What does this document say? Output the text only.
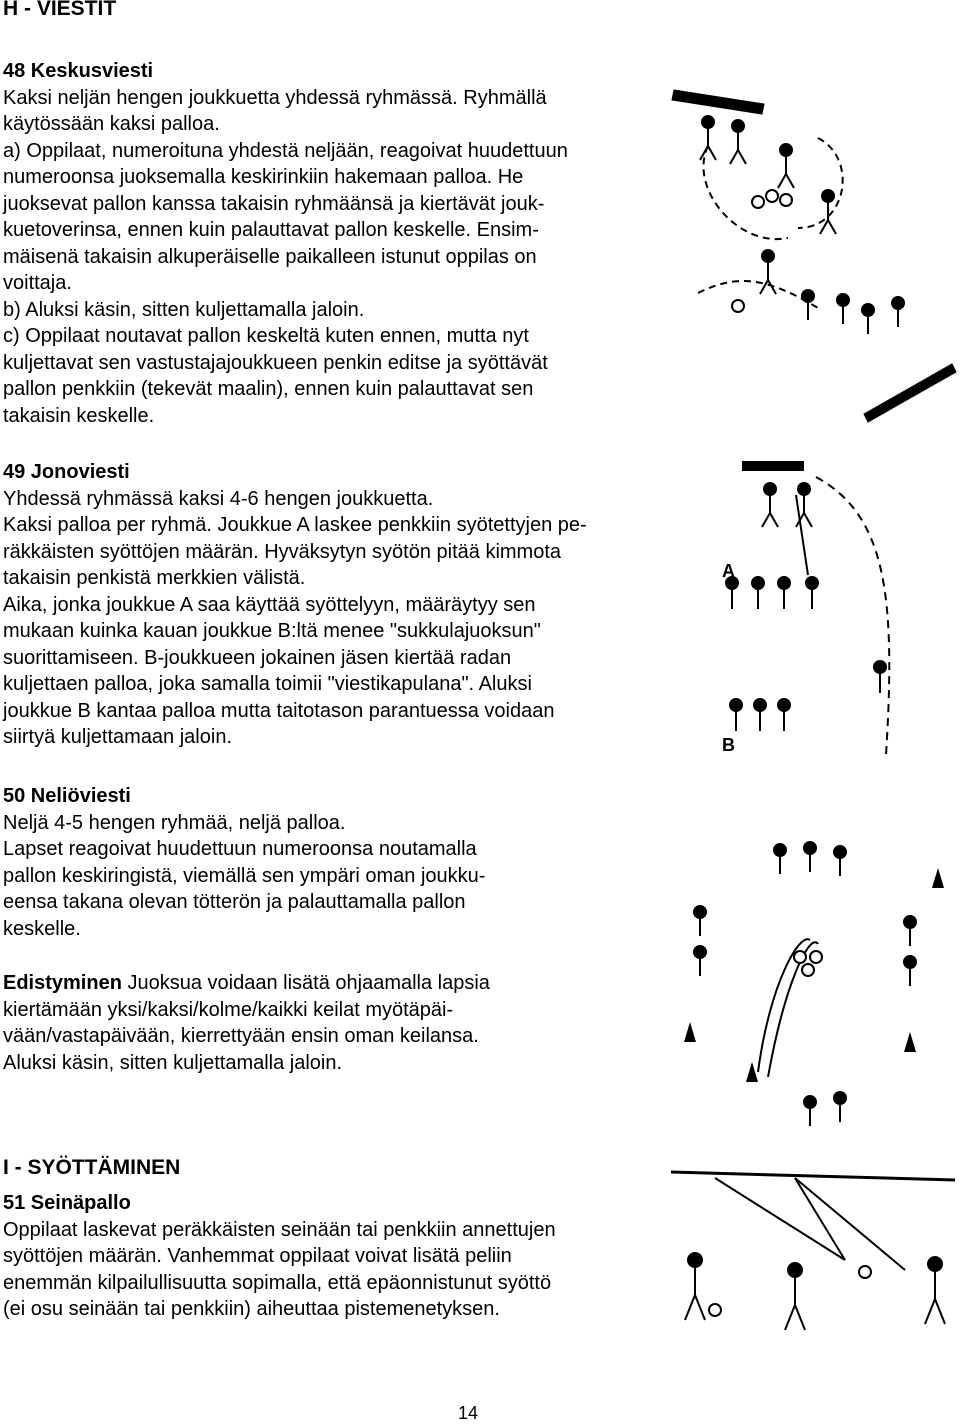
H - VIESTIT
48 Keskusviesti
Kaksi neljän hengen joukkuetta yhdessä ryhmässä. Ryhmällä
käytössään kaksi palloa.
a) Oppilaat, numeroituna yhdestä neljään, reagoivat huudettuun
numeroonsa juoksemalla keskirinkiin hakemaan palloa. He
juoksevat pallon kanssa takaisin ryhmäänsä ja kiertävät jouk-
kuetoverinsa, ennen kuin palauttavat pallon keskelle. Ensim-
mäisenä takaisin alkuperäiselle paikalleen istunut oppilas on
voittaja.
b) Aluksi käsin, sitten kuljettamalla jaloin.
c) Oppilaat noutavat pallon keskeltä kuten ennen, mutta nyt
kuljettavat sen vastustajajoukkueen penkin editse ja syöttävät
pallon penkkiin (tekevät maalin), ennen kuin palauttavat sen
takaisin keskelle.
49 Jonoviesti
Yhdessä ryhmässä kaksi 4-6 hengen joukkuetta.
Kaksi palloa per ryhmä. Joukkue A laskee penkkiin syötettyjen pe-
räkkäisten syöttöjen määrän. Hyväksytyn syötön pitää kimmota
takaisin penkistä merkkien välistä.
Aika, jonka joukkue A saa käyttää syöttelyyn, määräytyy sen
mukaan kuinka kauan joukkue B:ltä menee "sukkulajuoksun"
suorittamiseen. B-joukkueen jokainen jäsen kiertää radan
kuljettaen palloa, joka samalla toimii "viestikapulana". Aluksi
joukkue B kantaa palloa mutta taitotason parantuessa voidaan
siirtyä kuljettamaan jaloin.
50 Neliöviesti
Neljä 4-5 hengen ryhmää, neljä palloa.
Lapset reagoivat huudettuun numeroonsa noutamalla
pallon keskiringistä, viemällä sen ympäri oman joukku-
eensa takana olevan tötterön ja palauttamalla pallon
keskelle.
Edistyminen Juoksua voidaan lisätä ohjaamalla lapsia
kiertämään yksi/kaksi/kolme/kaikki keilat myötäpäi-
vään/vastapäivään, kierrettyään ensin oman keilansa.
Aluksi käsin, sitten kuljettamalla jaloin.
I - SYÖTTÄMINEN
51 Seinäpallo
Oppilaat laskevat peräkkäisten seinään tai penkkiin annettujen
syöttöjen määrän. Vanhemmat oppilaat voivat lisätä peliin
enemmän kilpailullisuutta sopimalla, että epäonnistunut syöttö
(ei osu seinään tai penkkiin) aiheuttaa pistemenetyksen.
A
B
14
